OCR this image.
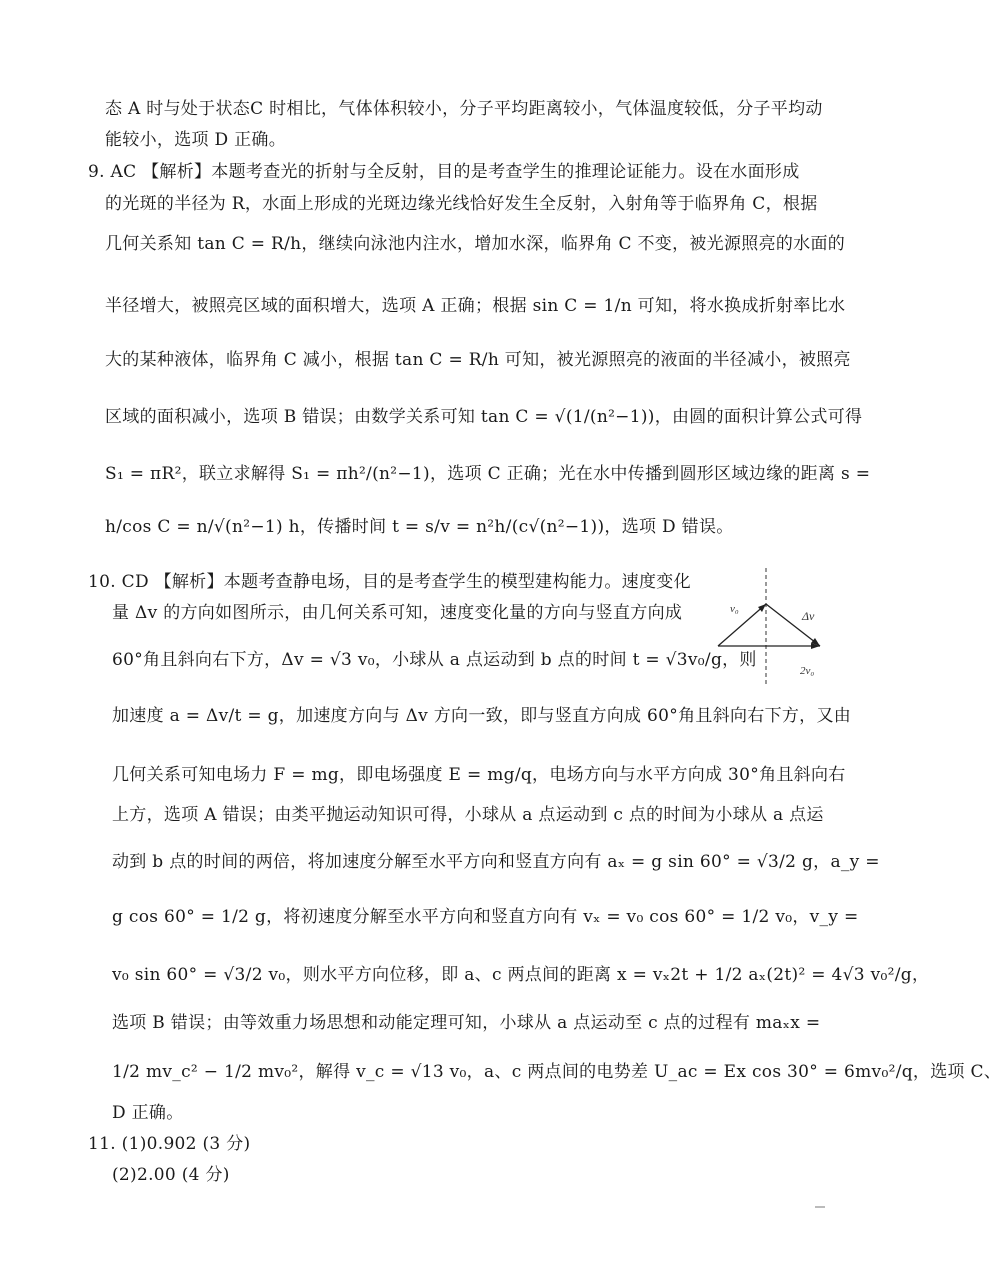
态 A 时与处于状态C 时相比，气体体积较小，分子平均距离较小，气体温度较低，分子平均动
能较小，选项 D 正确。
9. AC 【解析】本题考查光的折射与全反射，目的是考查学生的推理论证能力。设在水面形成
的光斑的半径为 R，水面上形成的光斑边缘光线恰好发生全反射，入射角等于临界角 C，根据
几何关系知 tan C = R/h，继续向泳池内注水，增加水深，临界角 C 不变，被光源照亮的水面的
半径增大，被照亮区域的面积增大，选项 A 正确；根据 sin C = 1/n 可知，将水换成折射率比水
大的某种液体，临界角 C 减小，根据 tan C = R/h 可知，被光源照亮的液面的半径减小，被照亮
区域的面积减小，选项 B 错误；由数学关系可知 tan C = √(1/(n²−1))，由圆的面积计算公式可得
S₁ = πR²，联立求解得 S₁ = πh²/(n²−1)，选项 C 正确；光在水中传播到圆形区域边缘的距离 s =
h/cos C = n/√(n²−1) h，传播时间 t = s/v = n²h/(c√(n²−1))，选项 D 错误。
10. CD 【解析】本题考查静电场，目的是考查学生的模型建构能力。速度变化
量 Δv 的方向如图所示，由几何关系可知，速度变化量的方向与竖直方向成
60°角且斜向右下方，Δv = √3 v₀，小球从 a 点运动到 b 点的时间 t = √3v₀/g，则
加速度 a = Δv/t = g，加速度方向与 Δv 方向一致，即与竖直方向成 60°角且斜向右下方，又由
几何关系可知电场力 F = mg，即电场强度 E = mg/q，电场方向与水平方向成 30°角且斜向右
上方，选项 A 错误；由类平抛运动知识可得，小球从 a 点运动到 c 点的时间为小球从 a 点运
动到 b 点的时间的两倍，将加速度分解至水平方向和竖直方向有 aₓ = g sin 60° = √3/2 g，a_y =
g cos 60° = 1/2 g，将初速度分解至水平方向和竖直方向有 vₓ = v₀ cos 60° = 1/2 v₀，v_y =
v₀ sin 60° = √3/2 v₀，则水平方向位移，即 a、c 两点间的距离 x = vₓ2t + 1/2 aₓ(2t)² = 4√3 v₀²/g，
选项 B 错误；由等效重力场思想和动能定理可知，小球从 a 点运动至 c 点的过程有 maₓx =
1/2 mv_c² − 1/2 mv₀²，解得 v_c = √13 v₀，a、c 两点间的电势差 U_ac = Ex cos 30° = 6mv₀²/q，选项 C、
D 正确。
11. (1)0.902 (3 分)
(2)2.00 (4 分)
v₀	Δv
2v₀
